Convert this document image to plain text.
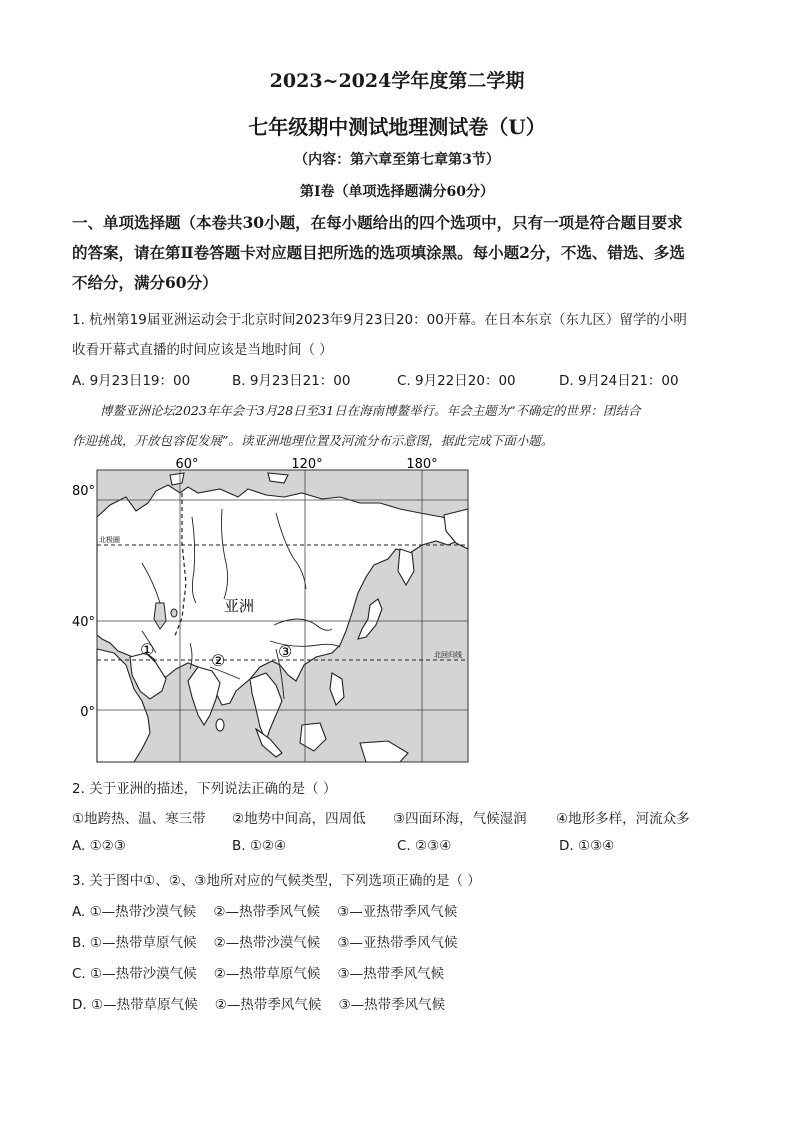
2023~2024学年度第二学期
七年级期中测试地理测试卷（U）
（内容：第六章至第七章第3节）
第Ⅰ卷（单项选择题满分60分）
一、单项选择题（本卷共30小题，在每小题给出的四个选项中，只有一项是符合题目要求
的答案，请在第Ⅱ卷答题卡对应题目把所选的选项填涂黑。每小题2分，不选、错选、多选
不给分，满分60分）
1. 杭州第19届亚洲运动会于北京时间2023年9月23日20：00开幕。在日本东京（东九区）留学的小明
收看开幕式直播的时间应该是当地时间（ ）
A. 9月23日19：00	B. 9月23日21：00	C. 9月22日20：00	D. 9月24日21：00
博鳌亚洲论坛2023年年会于3月28日至31日在海南博鳌举行。年会主题为“不确定的世界：团结合
作迎挑战，开放包容促发展”。读亚洲地理位置及河流分布示意图，据此完成下面小题。
60°	120°	180°
80°
40°
0°
北极圈
北回归线
亚洲
①
②	③
2. 关于亚洲的描述，下列说法正确的是（ ）
①地跨热、温、寒三带 ②地势中间高，四周低 ③四面环海，气候湿润 ④地形多样，河流众多
A. ①②③	B. ①②④	C. ②③④	D. ①③④
3. 关于图中①、②、③地所对应的气候类型，下列选项正确的是（ ）
A. ①—热带沙漠气候    ②—热带季风气候    ③—亚热带季风气候
B. ①—热带草原气候    ②—热带沙漠气候    ③—亚热带季风气候
C. ①—热带沙漠气候    ②—热带草原气候    ③—热带季风气候
D. ①—热带草原气候    ②—热带季风气候    ③—热带季风气候
